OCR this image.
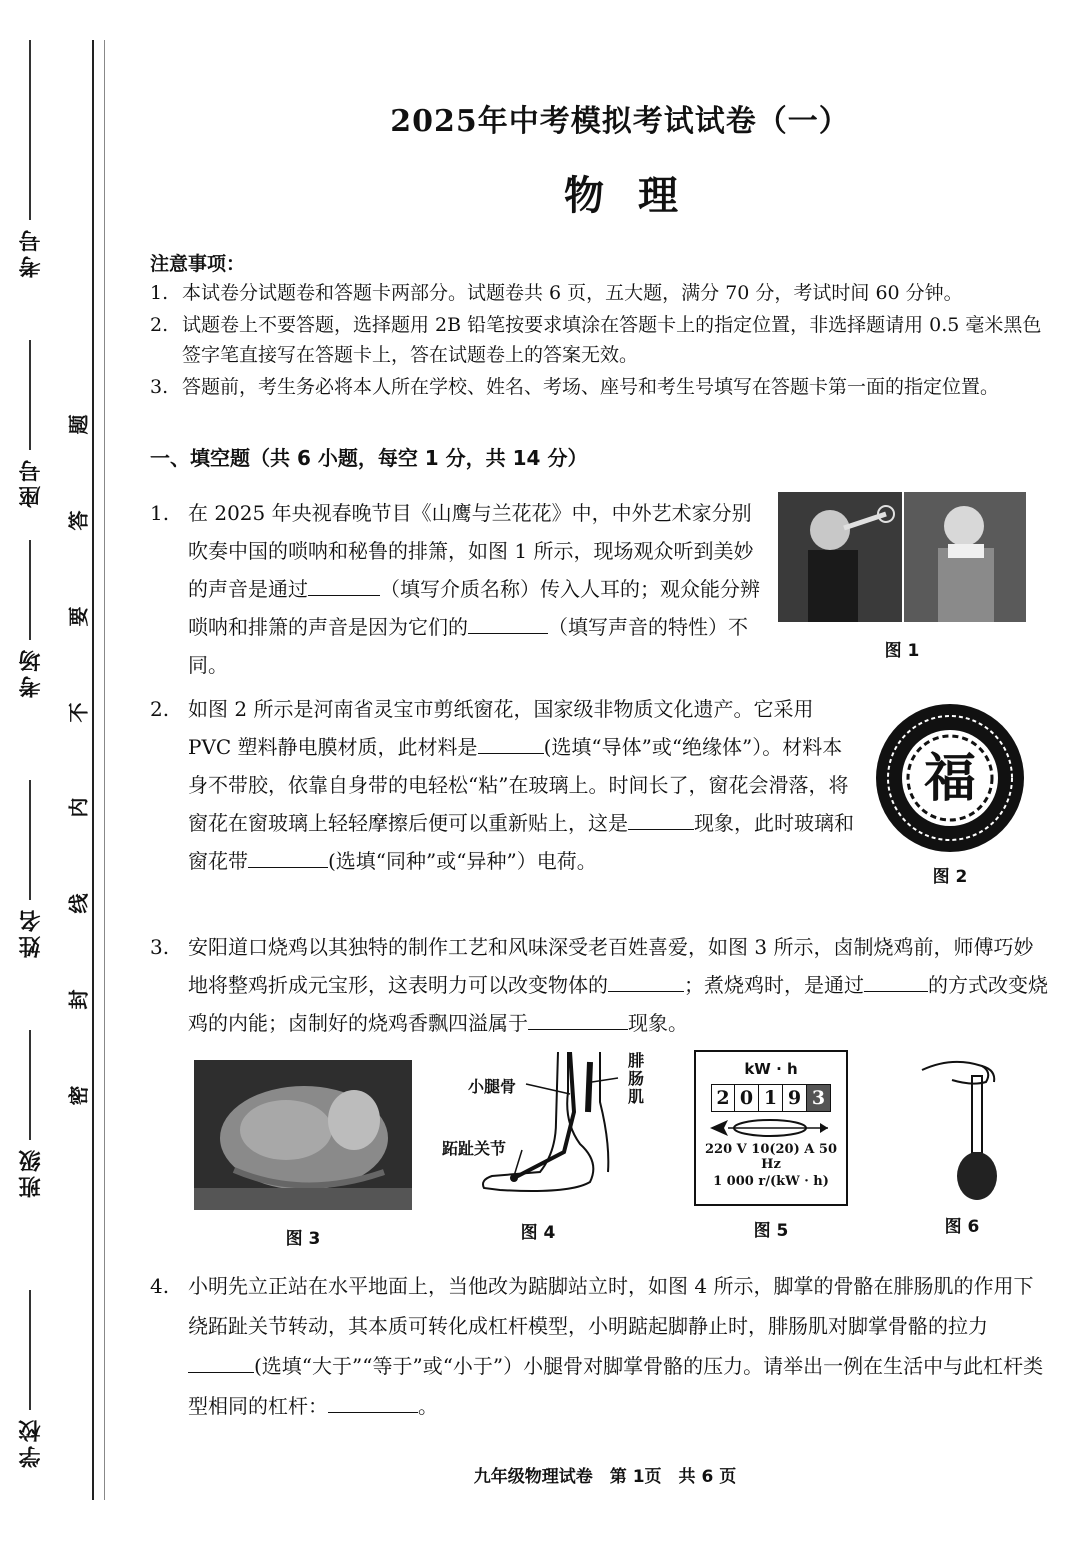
考号
座号
考场
姓名
班级
学校
题
答
要
不
内
线
封
密
2025年中考模拟考试试卷（一）
物理
注意事项：
1. 本试卷分试题卷和答题卡两部分。试题卷共 6 页，五大题，满分 70 分，考试时间 60 分钟。
2. 试题卷上不要答题，选择题用 2B 铅笔按要求填涂在答题卡上的指定位置，非选择题请用 0.5 毫米黑色签字笔直接写在答题卡上，答在试题卷上的答案无效。
3. 答题前，考生务必将本人所在学校、姓名、考场、座号和考生号填写在答题卡第一面的指定位置。
一、填空题（共 6 小题，每空 1 分，共 14 分）
1. 在 2025 年央视春晚节目《山鹰与兰花花》中，中外艺术家分别吹奏中国的唢呐和秘鲁的排箫，如图 1 所示，现场观众听到美妙的声音是通过	（填写介质名称）传入人耳的；观众能分辨唢呐和排箫的声音是因为它们的	（填写声音的特性）不同。
图 1
2. 如图 2 所示是河南省灵宝市剪纸窗花，国家级非物质文化遗产。它采用 PVC 塑料静电膜材质，此材料是	(选填“导体”或“绝缘体”）。材料本身不带胶，依靠自身带的电轻松“粘”在玻璃上。时间长了，窗花会滑落，将窗花在窗玻璃上轻轻摩擦后便可以重新贴上，这是	现象，此时玻璃和窗花带	(选填“同种”或“异种”）电荷。
福
图 2
3. 安阳道口烧鸡以其独特的制作工艺和风味深受老百姓喜爱，如图 3 所示，卤制烧鸡前，师傅巧妙地将整鸡折成元宝形，这表明力可以改变物体的	；煮烧鸡时，是通过	的方式改变烧鸡的内能；卤制好的烧鸡香飘四溢属于	现象。
图 3
小腿骨
腓肠肌
跖趾关节
图 4
kW · h
2 0 1 9 3
220 V 10(20) A 50 Hz
1 000 r/(kW · h)
图 5	图 6
4. 小明先立正站在水平地面上，当他改为踮脚站立时，如图 4 所示，脚掌的骨骼在腓肠肌的作用下绕跖趾关节转动，其本质可转化成杠杆模型，小明踮起脚静止时，腓肠肌对脚掌骨骼的拉力(选填“大于”“等于”或“小于”）小腿骨对脚掌骨骼的压力。请举出一例在生活中与此杠杆类型相同的杠杆：	。
九年级物理试卷　第 1页　共 6 页
